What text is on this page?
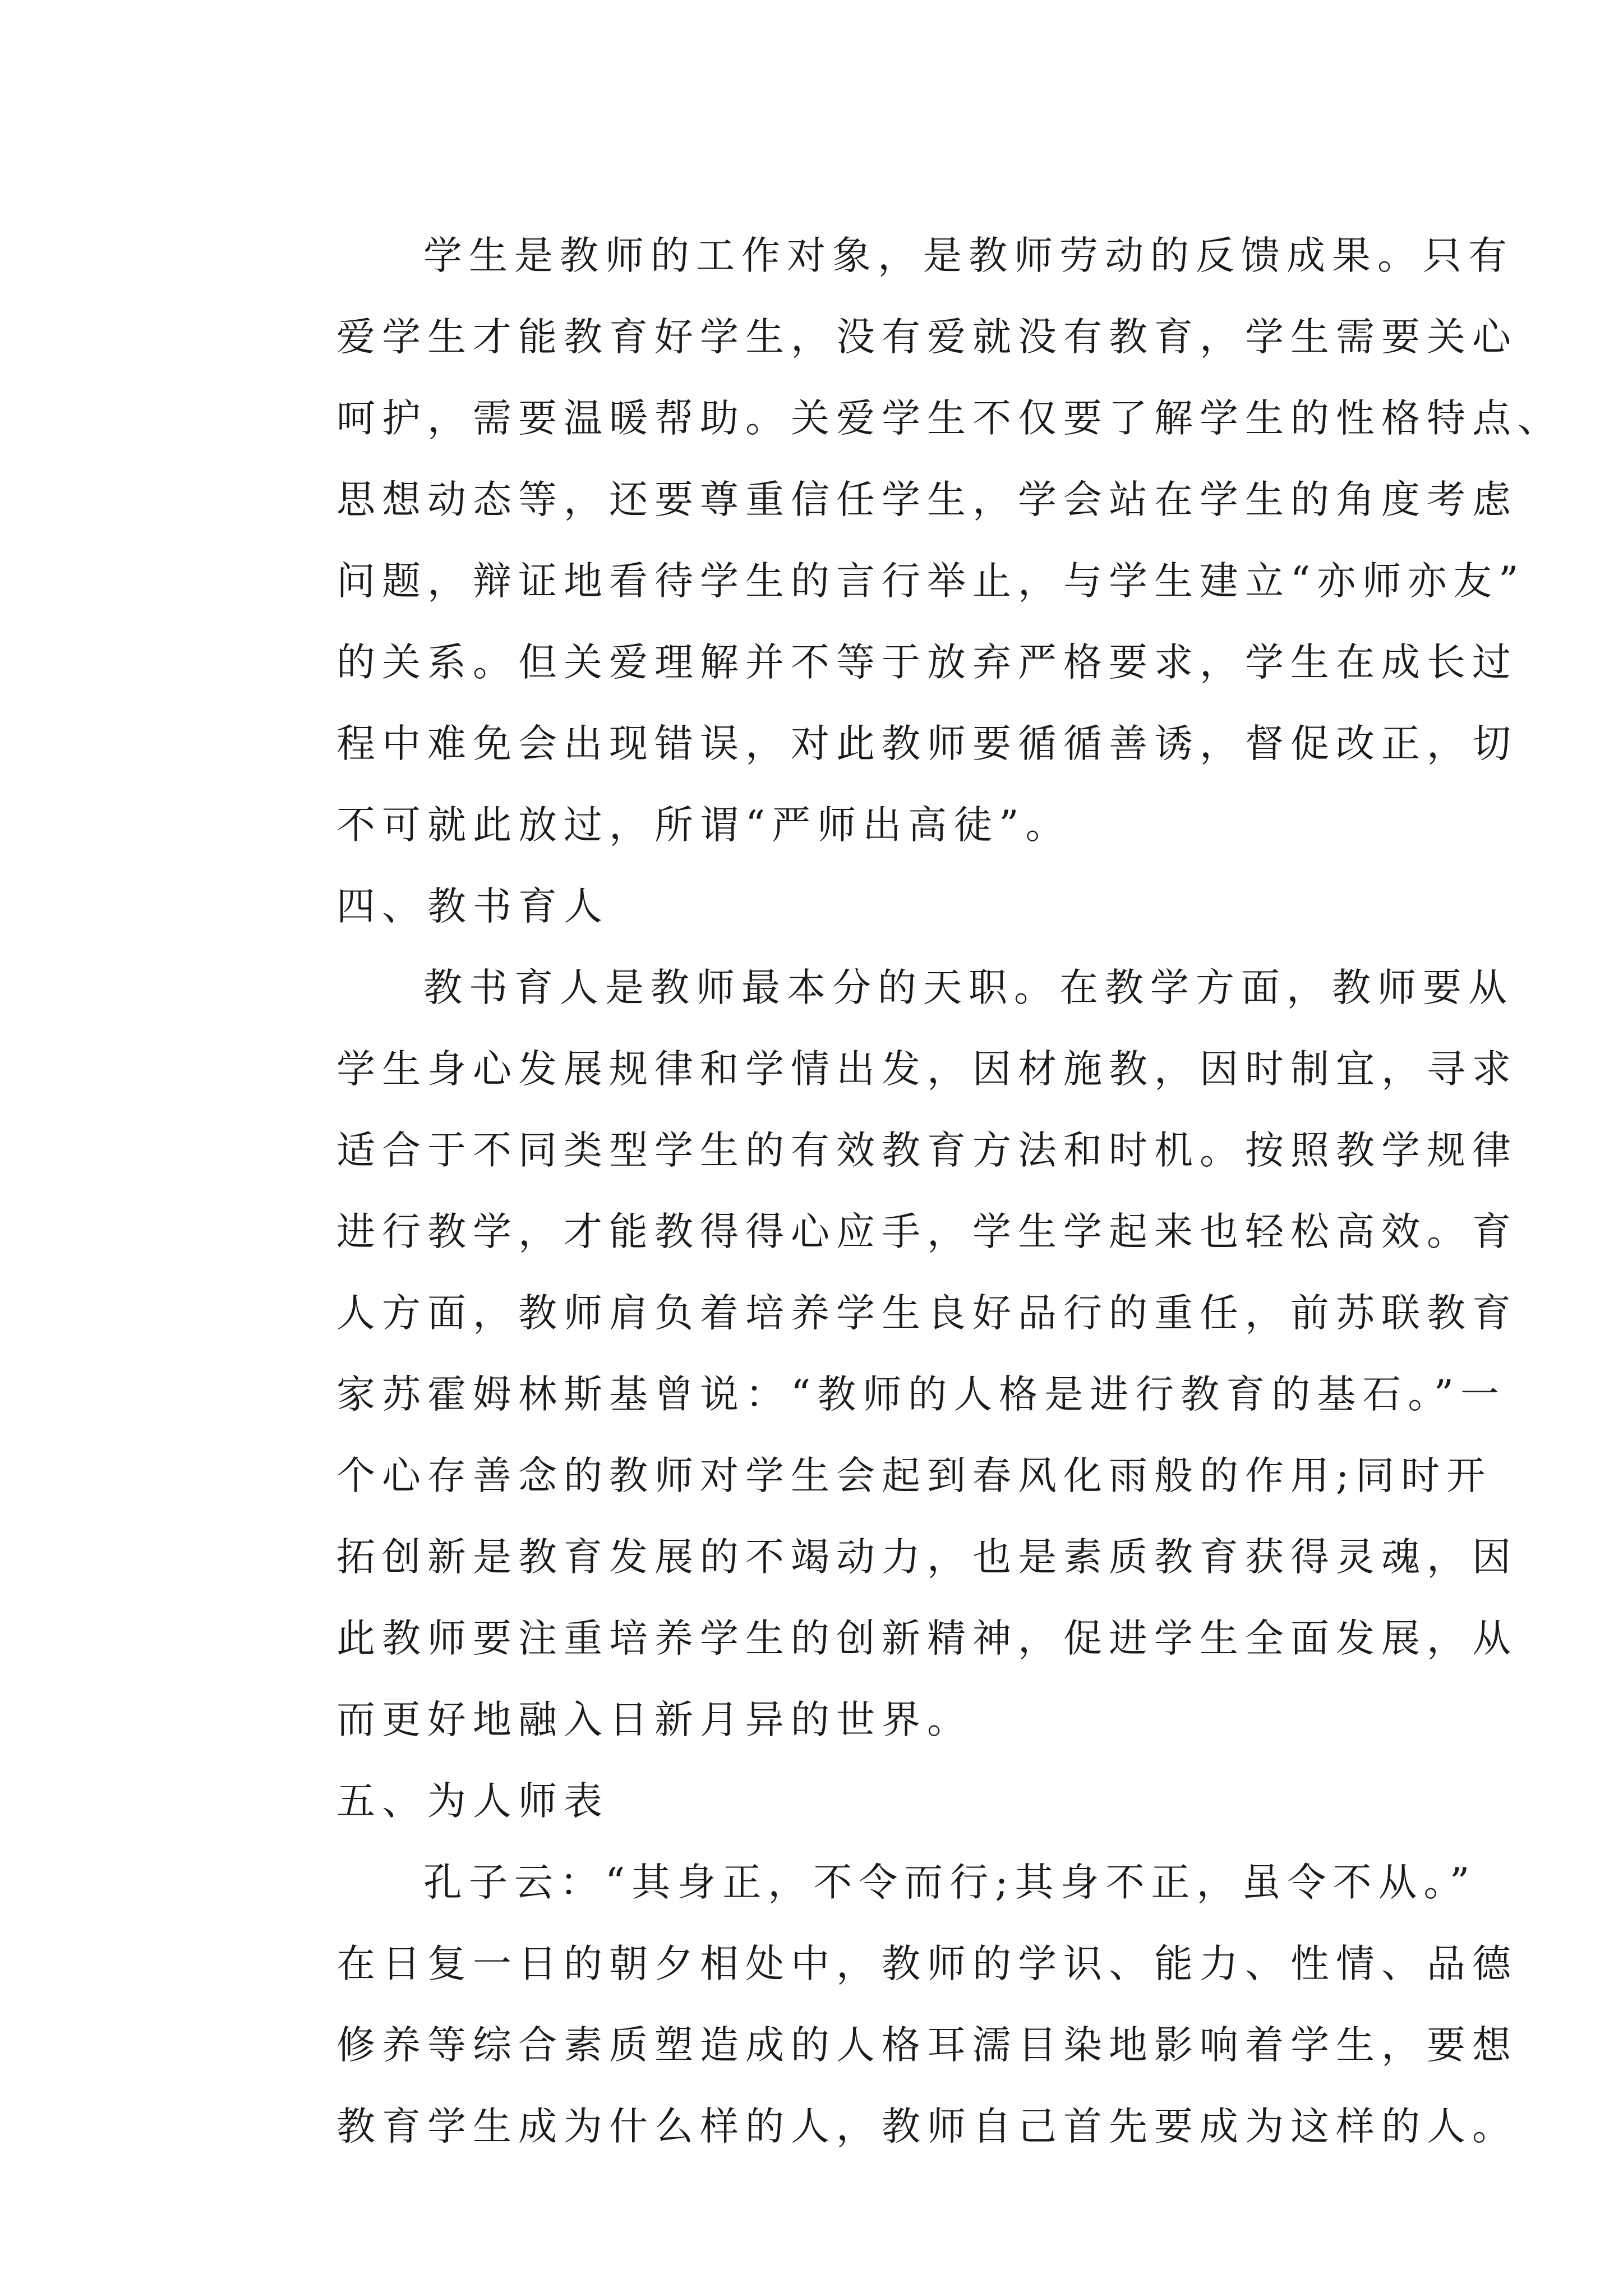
学生是教师的工作对象，是教师劳动的反馈成果。只有
爱学生才能教育好学生，没有爱就没有教育，学生需要关心
呵护，需要温暖帮助。关爱学生不仅要了解学生的性格特点、
思想动态等，还要尊重信任学生，学会站在学生的角度考虑
问题，辩证地看待学生的言行举止，与学生建立“亦师亦友”
的关系。但关爱理解并不等于放弃严格要求，学生在成长过
程中难免会出现错误，对此教师要循循善诱，督促改正，切
不可就此放过，所谓“严师出高徒”。
四、教书育人
教书育人是教师最本分的天职。在教学方面，教师要从
学生身心发展规律和学情出发，因材施教，因时制宜，寻求
适合于不同类型学生的有效教育方法和时机。按照教学规律
进行教学，才能教得得心应手，学生学起来也轻松高效。育
人方面，教师肩负着培养学生良好品行的重任，前苏联教育
家苏霍姆林斯基曾说：“教师的人格是进行教育的基石。”一
个心存善念的教师对学生会起到春风化雨般的作用;同时开
拓创新是教育发展的不竭动力，也是素质教育获得灵魂，因
此教师要注重培养学生的创新精神，促进学生全面发展，从
而更好地融入日新月异的世界。
五、为人师表
孔子云：“其身正，不令而行;其身不正，虽令不从。”
在日复一日的朝夕相处中，教师的学识、能力、性情、品德
修养等综合素质塑造成的人格耳濡目染地影响着学生，要想
教育学生成为什么样的人，教师自己首先要成为这样的人。
